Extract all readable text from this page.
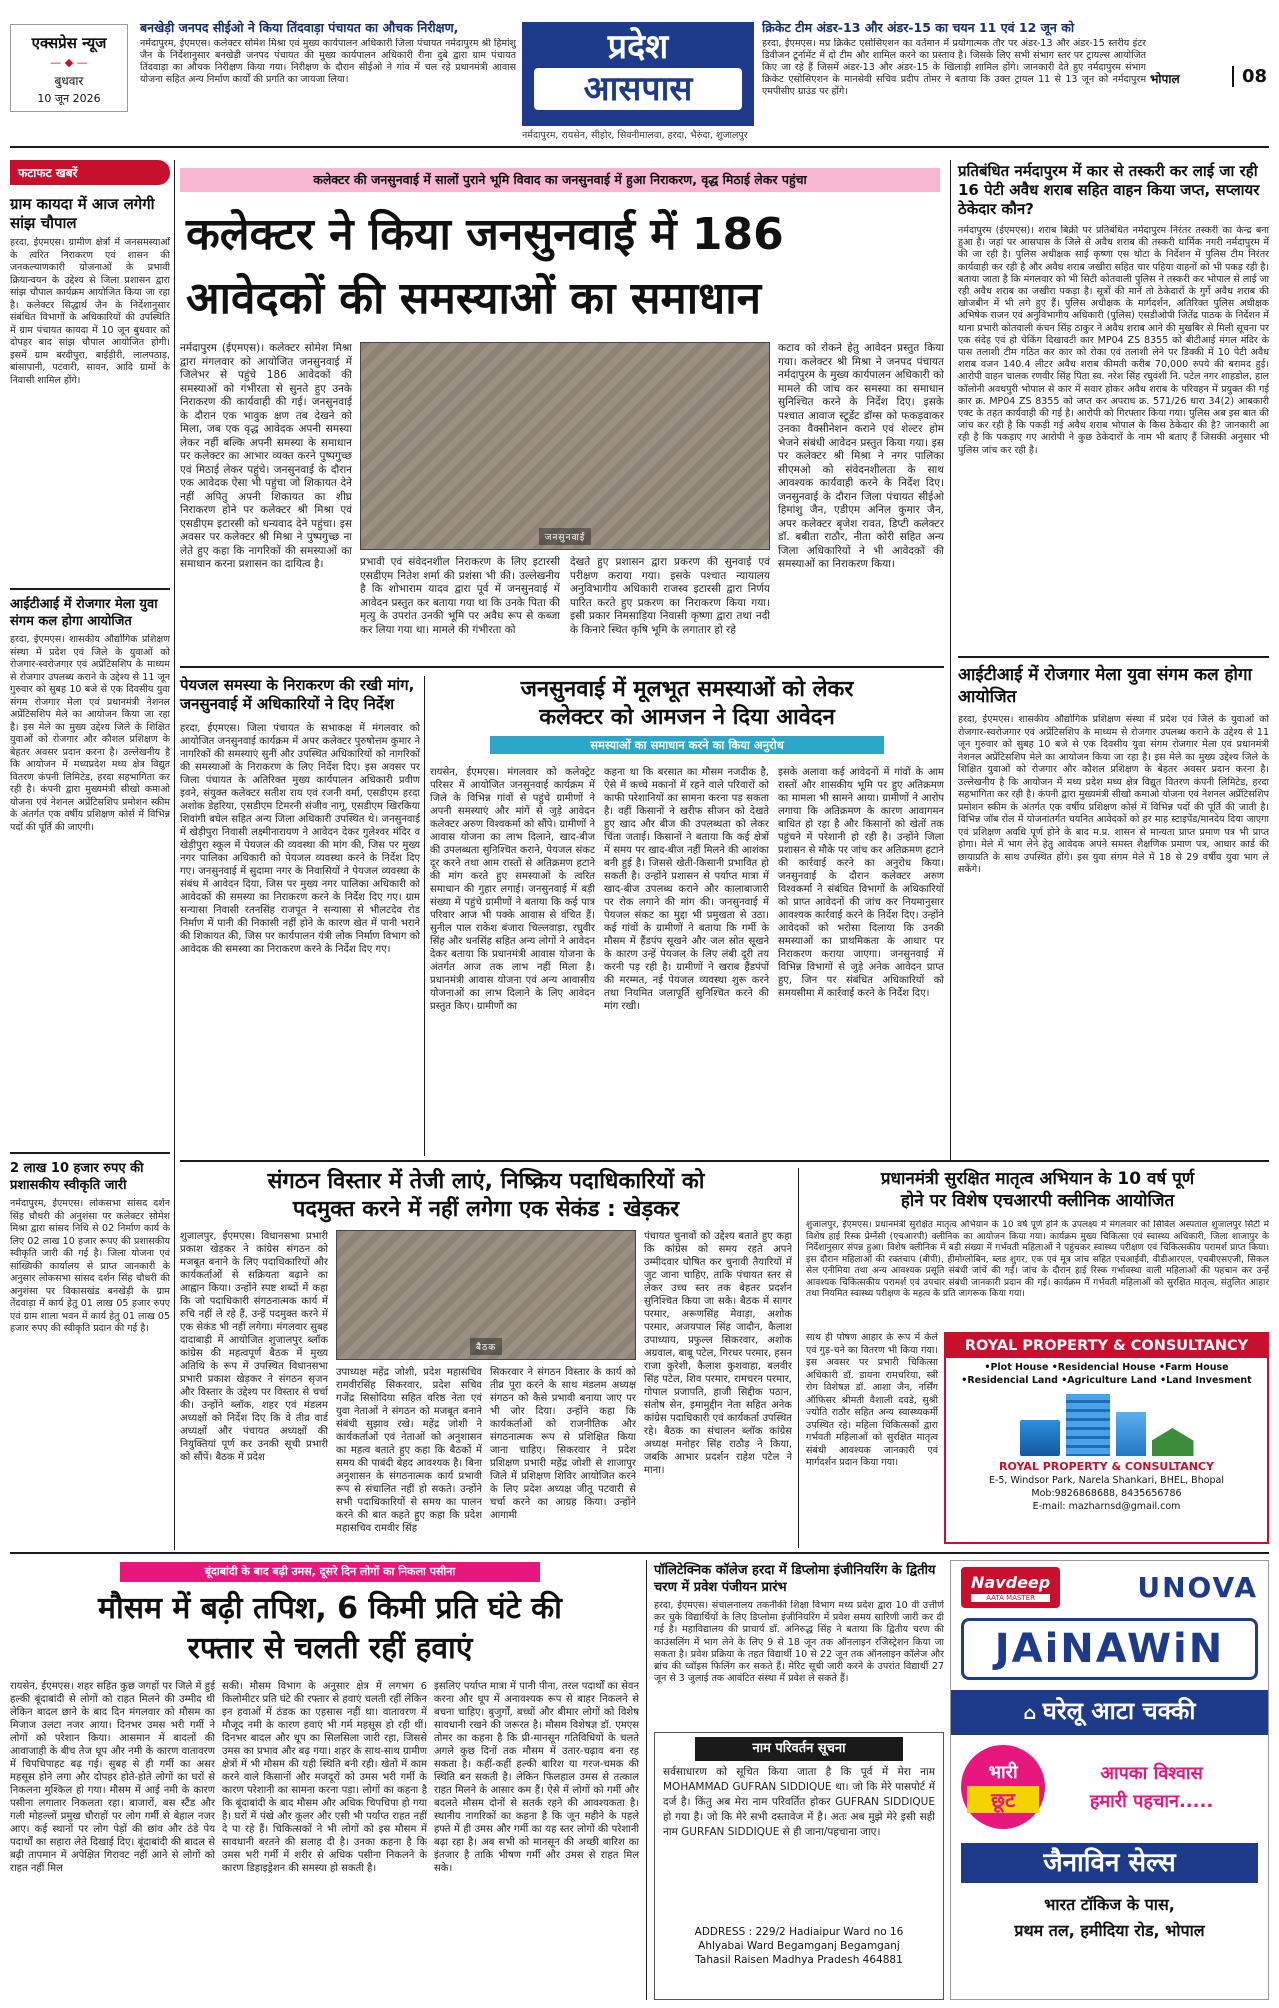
एक्सप्रेस न्यूज
— ◆ —
बुधवार
10 जून 2026
बनखेड़ी जनपद सीईओ ने किया तिंदवाड़ा पंचायत का औचक निरीक्षण,
नर्मदापुरम, ईएमएस। कलेक्टर सोमेश मिश्रा एवं मुख्य कार्यपालन अधिकारी जिला पंचायत नर्मदापुरम श्री हिमांशु जैन के निर्देशानुसार बनखेड़ी जनपद पंचायत की मुख्य कार्यपालन अधिकारी रीना दुबे द्वारा ग्राम पंचायत तिंदवाड़ा का औचक निरीक्षण किया गया। निरीक्षण के दौरान सीईओ ने गांव में चल रहे प्रधानमंत्री आवास योजना सहित अन्य निर्माण कार्यों की प्रगति का जायजा लिया।
प्रदेश
आसपास
क्रिकेट टीम अंडर-13 और अंडर-15 का चयन 11 एवं 12 जून को
हरदा, ईएमएस। मप्र क्रिकेट एसोसिएशन का वर्तमान में प्रयोगात्मक तौर पर अंडर-13 और अंडर-15 स्तरीय इंटर डिवीजन टूर्नामेंट में दो टीम और शामिल करने का प्रस्ताव है। जिसके लिए सभी संभाग स्तर पर ट्रायल्स आयोजित किए जा रहे हैं जिसमें अंडर-13 और अंडर-15 के खिलाड़ी शामिल होंगे। जानकारी देते हुए नर्मदापुरम संभाग क्रिकेट एसोसिएशन के मानसेवी सचिव प्रदीप तोमर ने बताया कि उक्त ट्रायल 11 से 13 जून को नर्मदापुरम एमपीसीए ग्राउंड पर होंगे।
भोपाल	08
नर्मदापुरम, रायसेन, सीहोर, सिवनीमालवा, हरदा, भैरुंदा, शुजालपुर
फटाफट खबरें
ग्राम कायदा में आज लगेगी सांझ चौपाल
हरदा, ईएमएस। ग्रामीण क्षेत्रों में जनसमस्याओं के त्वरित निराकरण एवं शासन की जनकल्याणकारी योजनाओं के प्रभावी क्रियान्वयन के उद्देश्य से जिला प्रशासन द्वारा सांझ चौपाल कार्यक्रम आयोजित किया जा रहा है। कलेक्टर सिद्धार्थ जैन के निर्देशानुसार संबंधित विभागों के अधिकारियों की उपस्थिति में ग्राम पंचायत कायदा में 10 जून बुधवार को दोपहर बाद सांझ चौपाल आयोजित होगी। इसमें ग्राम बरदीपुरा, बाईड़ीरी, लालपठाड़, बांसापानी, पटवारी, सावन, आदि ग्रामों के निवासी शामिल होंगे।
आईटीआई में रोजगार मेला युवा संगम कल होगा आयोजित
हरदा, ईएमएस। शासकीय औद्योगिक प्रशिक्षण संस्था में प्रदेश एवं जिले के युवाओं को रोजगार-स्वरोजगार एवं अप्रेंटिसशिप के माध्यम से रोजगार उपलब्ध कराने के उद्देश्य से 11 जून गुरुवार को सुबह 10 बजे से एक दिवसीय युवा संगम रोजगार मेला एवं प्रधानमंत्री नेशनल अप्रेंटिसशिप मेले का आयोजन किया जा रहा है। इस मेले का मुख्य उद्देश्य जिले के शिक्षित युवाओं को रोजगार और कौशल प्रशिक्षण के बेहतर अवसर प्रदान करना है। उल्लेखनीय है कि आयोजन में मध्यप्रदेश मध्य क्षेत्र विद्युत वितरण कंपनी लिमिटेड, हरदा सहभागिता कर रही है। कंपनी द्वारा मुख्यमंत्री सीखो कमाओ योजना एवं नेशनल अप्रेंटिसशिप प्रमोशन स्कीम के अंतर्गत एक वर्षीय प्रशिक्षण कोर्स में विभिन्न पदों की पूर्ति की जाएगी।
2 लाख 10 हजार रुपए की प्रशासकीय स्वीकृति जारी
नर्मदापुरम, ईएमएस। लोकसभा सांसद दर्शन सिंह चौधरी की अनुशंसा पर कलेक्टर सोमेश मिश्रा द्वारा सांसद निधि से 02 निर्माण कार्य के लिए 02 लाख 10 हजार रूपए की प्रशासकीय स्वीकृति जारी की गई है। जिला योजना एवं सांख्यिकी कार्यालय से प्राप्त जानकारी के अनुसार लोकसभा सांसद दर्शन सिंह चौधरी की अनुशंसा पर विकासखंड बनखेड़ी के ग्राम तेंदवाड़ा में कार्य हेतु 01 लाख 05 हजार रुपए एवं ग्राम शाला भवन में कार्य हेतु 01 लाख 05 हजार रुपए की स्वीकृति प्रदान की गई है।
कलेक्टर की जनसुनवाई में सालों पुराने भूमि विवाद का जनसुनवाई में हुआ निराकरण, वृद्ध मिठाई लेकर पहुंचा
कलेक्टर ने किया जनसुनवाई में 186
आवेदकों की समस्याओं का समाधान
नर्मदापुरम (ईएमएस)। कलेक्टर सोमेश मिश्रा द्वारा मंगलवार को आयोजित जनसुनवाई में जिलेभर से पहुंचे 186 आवेदकों की समस्याओं को गंभीरता से सुनते हुए उनके निराकरण की कार्यवाही की गई। जनसुनवाई के दौरान एक भावुक क्षण तब देखने को मिला, जब एक वृद्ध आवेदक अपनी समस्या लेकर नहीं बल्कि अपनी समस्या के समाधान पर कलेक्टर का आभार व्यक्त करने पुष्पगुच्छ एवं मिठाई लेकर पहुंचे। जनसुनवाई के दौरान एक आवेदक ऐसा भी पहुंचा जो शिकायत देने नहीं अपितु अपनी शिकायत का शीघ्र निराकरण होने पर कलेक्टर श्री मिश्रा एवं एसडीएम इटारसी को धन्यवाद देने पहुंचा। इस अवसर पर कलेक्टर श्री मिश्रा ने पुष्पगुच्छ ना लेते हुए कहा कि नागरिकों की समस्याओं का समाधान करना प्रशासन का दायित्व है।
जनसुनवाई
प्रभावी एवं संवेदनशील निराकरण के लिए इटारसी एसडीएम नितेश शर्मा की प्रशंसा भी की। उल्लेखनीय है कि शोभाराम यादव द्वारा पूर्व में जनसुनवाई में आवेदन प्रस्तुत कर बताया गया था कि उनके पिता की मृत्यु के उपरांत उनकी भूमि पर अवैध रूप से कब्जा कर लिया गया था। मामले की गंभीरता को
देखते हुए प्रशासन द्वारा प्रकरण की सुनवाई एवं परीक्षण कराया गया। इसके पश्चात न्यायालय अनुविभागीय अधिकारी राजस्व इटारसी द्वारा निर्णय पारित करते हुए प्रकरण का निराकरण किया गया। इसी प्रकार निमसाड़िया निवासी कृष्णा द्वारा तथा नदी के किनारे स्थित कृषि भूमि के लगातार हो रहे
कटाव को रोकने हेतु आवेदन प्रस्तुत किया गया। कलेक्टर श्री मिश्रा ने जनपद पंचायत नर्मदापुरम के मुख्य कार्यपालन अधिकारी को मामले की जांच कर समस्या का समाधान सुनिश्चित करने के निर्देश दिए। इसके पश्चात आवाज स्टूडेंट डॉग्स को फकड़वाकर उनका वैक्सीनेशन कराने एवं शेल्टर होम भेजने संबंधी आवेदन प्रस्तुत किया गया। इस पर कलेक्टर श्री मिश्रा ने नगर पालिका सीएमओ को संवेदनशीलता के साथ आवश्यक कार्यवाही करने के निर्देश दिए। जनसुनवाई के दौरान जिला पंचायत सीईओ हिमांशु जैन, एडीएम अनिल कुमार जैन, अपर कलेक्टर बृजेश रावत, डिप्टी कलेक्टर डॉ. बबीता राठौर, नीता कोरी सहित अन्य जिला अधिकारियों ने भी आवेदकों की समस्याओं का निराकरण किया।
प्रतिबंधित नर्मदापुरम में कार से तस्करी कर लाई जा रही 16 पेटी अवैध शराब सहित वाहन किया जप्त, सप्लायर ठेकेदार कौन?
नर्मदापुरम (ईएमएस)। शराब बिक्री पर प्रतिबंधित नर्मदापुरम निरंतर तस्करी का केन्द्र बना हुआ है। जहां पर आसपास के जिले से अवैध शराब की तस्करी धार्मिक नगरी नर्मदापुरम में की जा रही है। पुलिस अधीक्षक साईं कृष्णा एस थोटा के निर्देशन में पुलिस टीम निरंतर कार्यवाही कर रही है और अवैध शराब जखीरा सहित चार पहिया वाहनों को भी पकड़ रही है। बताया जाता है कि मंगलवार को भी सिटी कोतवाली पुलिस ने तस्करी कर भोपाल से लाई जा रही अवैध शराब का जखीरा पकड़ा है। सूत्रों की मानें तो ठेकेदारों के गुर्गे अवैध शराब की खोजबीन में भी लगे हुए हैं। पुलिस अधीक्षक के मार्गदर्शन, अतिरिक्त पुलिस अधीक्षक अभिषेक राजन एवं अनुविभागीय अधिकारी (पुलिस) एसडीओपी जितेंद्र पाठक के निर्देशन में थाना प्रभारी कोतवाली कंचन सिंह ठाकुर ने अवैध शराब आने की मुखबिर से मिली सूचना पर एक संदेह एवं हो चेकिंग दिखावटी कार MP04 ZS 8355 को बीटीआई मंगल मंदिर के पास तलाशी टीम गठित कर कार को रोका एवं तलाशी लेने पर डिक्की में 10 पेटी अवैध शराब वजन 140.4 लीटर अवैध शराब कीमती करीब 70,000 रुपये की बरामद हुई। आरोपी वाहन चालक रणवीर सिंह पिता स्व. नरेश सिंह रघुवंशी नि. पटेल नगर शाहडोल, हाल कॉलोनी अवधपुरी भोपाल से कार में सवार होकर अवैध शराब के परिवहन में प्रयुक्त की गई कार क्र. MP04 ZS 8355 को जप्त कर अपराध क्र. 571/26 धारा 34(2) आबकारी एक्ट के तहत कार्यवाही की गई है। आरोपी को गिरफ्तार किया गया। पुलिस अब इस बात की जांच कर रही है कि पकड़ी गई अवैध शराब भोपाल के किस ठेकेदार की है? जानकारी आ रही है कि पकड़ाए गए आरोपी ने कुछ ठेकेदारों के नाम भी बताए हैं जिसकी अनुसार भी पुलिस जांच कर रही है।
आईटीआई में रोजगार मेला युवा संगम कल होगा आयोजित
हरदा, ईएमएस। शासकीय औद्योगिक प्रशिक्षण संस्था में प्रदेश एवं जिले के युवाओं को रोजगार-स्वरोजगार एवं अप्रेंटिसशिप के माध्यम से रोजगार उपलब्ध कराने के उद्देश्य से 11 जून गुरुवार को सुबह 10 बजे से एक दिवसीय युवा संगम रोजगार मेला एवं प्रधानमंत्री नेशनल अप्रेंटिसशिप मेले का आयोजन किया जा रहा है। इस मेले का मुख्य उद्देश्य जिले के शिक्षित युवाओं को रोजगार और कौशल प्रशिक्षण के बेहतर अवसर प्रदान करना है। उल्लेखनीय है कि आयोजन में मध्य प्रदेश मध्य क्षेत्र विद्युत वितरण कंपनी लिमिटेड, हरदा सहभागिता कर रही है। कंपनी द्वारा मुख्यमंत्री सीखो कमाओ योजना एवं नेशनल अप्रेंटिसशिप प्रमोशन स्कीम के अंतर्गत एक वर्षीय प्रशिक्षण कोर्स में विभिन्न पदों की पूर्ति की जाती है। विभिन्न जॉब रोल में योजनांतर्गत चयनित आवेदकों को हर माह स्टाइपेंड/मानदेय दिया जाएगा एवं प्रशिक्षण अवधि पूर्ण होने के बाद म.प्र. शासन से मान्यता प्राप्त प्रमाण पत्र भी प्राप्त होगा। मेले में भाग लेने हेतु आवेदक अपने समस्त शैक्षणिक प्रमाण पत्र, आधार कार्ड की छायाप्रति के साथ उपस्थित होंगे। इस युवा संगम मेले में 18 से 29 वर्षीय युवा भाग ले सकेंगे।
पेयजल समस्या के निराकरण की रखी मांग, जनसुनवाई में अधिकारियों ने दिए निर्देश
हरदा, ईएमएस। जिला पंचायत के सभाकक्ष में मंगलवार को आयोजित जनसुनवाई कार्यक्रम में अपर कलेक्टर पुरुषोत्तम कुमार ने नागरिकों की समस्याएं सुनीं और उपस्थित अधिकारियों को नागरिकों की समस्याओं के निराकरण के लिए निर्देश दिए। इस अवसर पर जिला पंचायत के अतिरिक्त मुख्य कार्यपालन अधिकारी प्रवीण इवने, संयुक्त कलेक्टर सतीश राय एवं रजनी वर्मा, एसडीएम हरदा अशोक डेहरिया, एसडीएम टिमरनी संजीव नागू, एसडीएम खिरकिया शिवांगी बघेल सहित अन्य जिला अधिकारी उपस्थित थे। जनसुनवाई में खेड़ीपुरा निवासी लक्ष्मीनारायण ने आवेदन देकर गुलेश्वर मंदिर व खेड़ीपुरा स्कूल में पेयजल की व्यवस्था की मांग की, जिस पर मुख्य नगर पालिका अधिकारी को पेयजल व्यवस्था करने के निर्देश दिए गए। जनसुनवाई में सुदामा नगर के निवासियों ने पेयजल व्यवस्था के संबंध में आवेदन दिया, जिस पर मुख्य नगर पालिका अधिकारी को आवेदकों की समस्या का निराकरण करने के निर्देश दिए गए। ग्राम सन्यासा निवासी रतनसिंह राजपूत ने सन्यासा से भीलटदेव रोड निर्माण में पानी की निकासी नहीं होने के कारण खेत में पानी भराने की शिकायत की, जिस पर कार्यपालन यंत्री लोक निर्माण विभाग को आवेदक की समस्या का निराकरण करने के निर्देश दिए गए।
जनसुनवाई में मूलभूत समस्याओं को लेकर
कलेक्टर को आमजन ने दिया आवेदन
समस्याओं का समाधान करने का किया अनुरोध
रायसेन, ईएमएस। मंगलवार को कलेक्ट्रेट परिसर में आयोजित जनसुनवाई कार्यक्रम में जिले के विभिन्न गांवों से पहुंचे ग्रामीणों ने अपनी समस्याएं और मांगें से जुड़े आवेदन कलेक्टर अरुण विश्वकर्मा को सौंपे। ग्रामीणों ने आवास योजना का लाभ दिलाने, खाद-बीज की उपलब्धता सुनिश्चित कराने, पेयजल संकट दूर करने तथा आम रास्तों से अतिक्रमण हटाने की मांग करते हुए समस्याओं के त्वरित समाधान की गुहार लगाई। जनसुनवाई में बड़ी संख्या में पहुंचे ग्रामीणों ने बताया कि कई पात्र परिवार आज भी पक्के आवास से वंचित हैं। सुनील पाल राकेश बंजारा चिल्लवाड़ा, रघुवीर सिंह और धनसिंह सहित अन्य लोगों ने आवेदन देकर बताया कि प्रधानमंत्री आवास योजना के अंतर्गत आज तक लाभ नहीं मिला है। प्रधानमंत्री आवास योजना एवं अन्य आवासीय योजनाओं का लाभ दिलाने के लिए आवेदन प्रस्तुत किए। ग्रामीणों का
कहना था कि बरसात का मौसम नजदीक है, ऐसे में कच्चे मकानों में रहने वाले परिवारों को काफी परेशानियों का सामना करना पड़ सकता है। वहीं किसानों ने खरीफ सीजन को देखते हुए खाद और बीज की उपलब्धता को लेकर चिंता जताई। किसानों ने बताया कि कई क्षेत्रों में समय पर खाद-बीज नहीं मिलने की आशंका बनी हुई है। जिससे खेती-किसानी प्रभावित हो सकती है। उन्होंने प्रशासन से पर्याप्त मात्रा में खाद-बीज उपलब्ध कराने और कालाबाजारी पर रोक लगाने की मांग की। जनसुनवाई में पेयजल संकट का मुद्दा भी प्रमुखता से उठा। कई गांवों के ग्रामीणों ने बताया कि गर्मी के मौसम में हैंडपंप सूखने और जल स्रोत सूखने के कारण उन्हें पेयजल के लिए लंबी दूरी तय करनी पड़ रही है। ग्रामीणों ने खराब हैंडपंपों की मरम्मत, नई पेयजल व्यवस्था शुरू करने तथा नियमित जलापूर्ति सुनिश्चित करने की मांग रखी।
इसके अलावा कई आवेदनों में गांवों के आम रास्तों और शासकीय भूमि पर हुए अतिक्रमण का मामला भी सामने आया। ग्रामीणों ने आरोप लगाया कि अतिक्रमण के कारण आवागमन बाधित हो रहा है और किसानों को खेतों तक पहुंचने में परेशानी हो रही है। उन्होंने जिला प्रशासन से मौके पर जांच कर अतिक्रमण हटाने की कार्रवाई करने का अनुरोध किया। जनसुनवाई के दौरान कलेक्टर अरुण विश्वकर्मा ने संबंधित विभागों के अधिकारियों को प्राप्त आवेदनों की जांच कर नियमानुसार आवश्यक कार्रवाई करने के निर्देश दिए। उन्होंने आवेदकों को भरोसा दिलाया कि उनकी समस्याओं का प्राथमिकता के आधार पर निराकरण कराया जाएगा। जनसुनवाई में विभिन्न विभागों से जुड़े अनेक आवेदन प्राप्त हुए, जिन पर संबंधित अधिकारियों को समयसीमा में कार्रवाई करने के निर्देश दिए।
संगठन विस्तार में तेजी लाएं, निष्क्रिय पदाधिकारियों को
पदमुक्त करने में नहीं लगेगा एक सेकंड : खेड़कर
शुजालपुर, ईएमएस। विधानसभा प्रभारी प्रकाश खेड़कर ने कांग्रेस संगठन को मजबूत बनाने के लिए पदाधिकारियों और कार्यकर्ताओं से सक्रियता बढ़ाने का आह्वान किया। उन्होंने स्पष्ट शब्दों में कहा कि जो पदाधिकारी संगठनात्मक कार्य में रुचि नहीं ले रहे हैं, उन्हें पदमुक्त करने में एक सेकंड भी नहीं लगेगा। मंगलवार सुबह दादाबाड़ी में आयोजित शुजालपुर ब्लॉक कांग्रेस की महत्वपूर्ण बैठक में मुख्य अतिथि के रूप में उपस्थित विधानसभा प्रभारी प्रकाश खेड़कर ने संगठन सृजन और विस्तार के उद्देश्य पर विस्तार से चर्चा की। उन्होंने ब्लॉक, शहर एवं मंडलम अध्यक्षों को निर्देश दिए कि वे तीव्र वार्ड अध्यक्षों और पंचायत अध्यक्षों की नियुक्तियां पूर्ण कर उनकी सूची प्रभारी को सौंपें। बैठक में प्रदेश
बैठक
उपाध्यक्ष महेंद्र जोशी, प्रदेश महासचिव रामवीरसिंह सिकरवार, प्रदेश सचिव गजेंद्र सिसोदिया सहित वरिष्ठ नेता एवं युवा नेताओं ने संगठन को मजबूत बनाने संबंधी सुझाव रखे। महेंद्र जोशी ने कार्यकर्ताओं एवं नेताओं को अनुशासन का महत्व बताते हुए कहा कि बैठकों में समय की पाबंदी बेहद आवश्यक है। बिना अनुशासन के संगठनात्मक कार्य प्रभावी रूप से संचालित नहीं हो सकते। उन्होंने सभी पदाधिकारियों से समय का पालन करने की बात कहते हुए कहा कि प्रदेश महासचिव रामवीर सिंह
सिकरवार ने संगठन विस्तार के कार्य को तीव्र पूरा करने के साथ मंडलम अध्यक्ष संगठन को कैसे प्रभावी बनाया जाए पर भी जोर दिया। उन्होंने कहा कि कार्यकर्ताओं को राजनीतिक और संगठनात्मक रूप से प्रशिक्षित किया जाना चाहिए। सिकरवार ने प्रदेश प्रशिक्षण प्रभारी महेंद्र जोशी से शाजापुर जिले में प्रशिक्षण शिविर आयोजित करने के लिए प्रदेश अध्यक्ष जीतू पटवारी से चर्चा करने का आग्रह किया। उन्होंने आगामी
पंचायत चुनावों को उद्देश्य बताते हुए कहा कि कांग्रेस को समय रहते अपने उम्मीदवार घोषित कर चुनावी तैयारियों में जुट जाना चाहिए, ताकि पंचायत स्तर से लेकर उच्च स्तर तक बेहतर प्रदर्शन सुनिश्चित किया जा सके। बैठक में सागर परमार, अरूणसिंह मेवाड़ा, अशोक परमार, अजयपाल सिंह जादौन, कैलाश उपाध्याय, प्रफुल्ल सिकरवार, अशोक अग्रवाल, बाबू पटेल, गिरधर परमार, हसन राजा कुरेशी, कैलाश कुशवाहा, बलवीर सिंह पटेल, शिव परमार, रामचरन परमार, गोपाल प्रजापति, हाजी सिद्दीक पठान, संतोष सेन, इमामुद्दीन नेता सहित अनेक कांग्रेस पदाधिकारी एवं कार्यकर्ता उपस्थित रहे। बैठक का संचालन ब्लॉक कांग्रेस अध्यक्ष मनोहर सिंह राठौड़ ने किया, जबकि आभार प्रदर्शन राहेश पटेल ने माना।
प्रधानमंत्री सुरक्षित मातृत्व अभियान के 10 वर्ष पूर्ण
होने पर विशेष एचआरपी क्लीनिक आयोजित
शुजालपुर, ईएमएस। प्रधानमंत्री सुरक्षित मातृत्व अभियान के 10 वर्ष पूर्ण होने के उपलक्ष्य में मंगलवार को सिविल अस्पताल शुजालपुर सिटी में विशेष हाई रिस्क प्रेग्नेंसी (एचआरपी) क्लीनिक का आयोजन किया गया। कार्यक्रम मुख्य चिकित्सा एवं स्वास्थ्य अधिकारी, जिला शाजापुर के निर्देशानुसार संपन्न हुआ। विशेष क्लीनिक में बड़ी संख्या में गर्भवती महिलाओं ने पहुंचकर स्वास्थ्य परीक्षण एवं चिकित्सकीय परामर्श प्राप्त किया। इस दौरान महिलाओं की रक्तचाप (बीपी), हीमोग्लोबिन, ब्लड शुगर, एक एवं मूत्र जांच सहित एचआईवी, वीडीआरएल, एचबीएसएजी, सिकल सेल एनीमिया तथा अन्य आवश्यक प्रसूति संबंधी जांचें की गईं। जांच के दौरान हाई रिस्क गर्भावस्था वाली महिलाओं की पहचान कर उन्हें आवश्यक चिकित्सकीय परामर्श एवं उपचार संबंधी जानकारी प्रदान की गई। कार्यक्रम में गर्भवती महिलाओं को सुरक्षित मातृत्व, संतुलित आहार तथा नियमित स्वास्थ्य परीक्षण के महत्व के प्रति जागरूक किया गया।
साथ ही पोषण आहार के रूप में केले एवं गुड़-चने का वितरण भी किया गया। इस अवसर पर प्रभारी चिकित्सा अधिकारी डॉ. डायना रामचरिया, स्त्री रोग विशेषज्ञ डॉ. आशा जैन, नर्सिंग ऑफिसर श्रीमती वैशाली दवडे, सुश्री ज्योति राठौर सहित अन्य स्वास्थ्यकर्मी उपस्थित रहे। महिला चिकित्सकों द्वारा गर्भवती महिलाओं को सुरक्षित मातृत्व संबंधी आवश्यक जानकारी एवं मार्गदर्शन प्रदान किया गया।
ROYAL PROPERTY & CONSULTANCY
•Plot House •Residencial House •Farm House
•Residencial Land •Agriculture Land •Land Invesment
ROYAL PROPERTY & CONSULTANCY
E-5, Windsor Park, Narela Shankari, BHEL, Bhopal
Mob:9826868688, 8435656786
E-mail: mazharnsd@gmail.com
बूंदाबांदी के बाद बढ़ी उमस, दूसरे दिन लोगों का निकला पसीना
मौसम में बढ़ी तपिश, 6 किमी प्रति घंटे की
रफ्तार से चलती रहीं हवाएं
रायसेन, ईएमएस। शहर सहित कुछ जगहों पर जिले में हुई हल्की बूंदाबांदी से लोगों को राहत मिलने की उम्मीद थी लेकिन बादल छाने के बाद दिन मंगलवार को मौसम का मिजाज उलटा नजर आया। दिनभर उमस भरी गर्मी ने लोगों को परेशान किया। आसमान में बादलों की आवाजाही के बीच तेज धूप और नमी के कारण वातावरण में चिपचिपाहट बढ़ गई। सुबह से ही गर्मी का असर महसूस होने लगा और दोपहर होते-होते लोगों का घरों से निकलना मुश्किल हो गया। मौसम में आई नमी के कारण पसीना लगातार निकलता रहा। बाजारों, बस स्टैंड और गली मोहल्लों प्रमुख चौराहों पर लोग गर्मी से बेहाल नजर आए। कई स्थानों पर लोग पेड़ों की छांव और ठंडे पेय पदार्थों का सहारा लेते दिखाई दिए। बूंदाबांदी की बादल से बढ़ी तापमान में अपेक्षित गिरावट नहीं आने से लोगों को राहत नहीं मिल
सकी। मौसम विभाग के अनुसार क्षेत्र में लगभग 6 किलोमीटर प्रति घंटे की रफ्तार से हवाएं चलती रहीं लेकिन इन हवाओं में ठंडक का एहसास नहीं था। वातावरण में मौजूद नमी के कारण हवाएं भी गर्म महसूस हो रही थीं। दिनभर बादल और धूप का सिलसिला जारी रहा, जिससे उमस का प्रभाव और बढ़ गया। शहर के साथ-साथ ग्रामीण क्षेत्रों में भी मौसम की यही स्थिति बनी रही। खेतों में काम करने वाले किसानों और मजदूरों को उमस भरी गर्मी के कारण परेशानी का सामना करना पड़ा। लोगों का कहना है कि बूंदाबांदी के बाद मौसम और अधिक चिपचिपा हो गया है। घरों में पंखे और कूलर और एसी भी पर्याप्त राहत नहीं दे पा रहे हैं। चिकित्सकों ने भी लोगों को इस मौसम में सावधानी बरतने की सलाह दी है। उनका कहना है कि उमस भरी गर्मी में शरीर से अधिक पसीना निकलने के कारण डिहाइड्रेशन की समस्या हो सकती है।
इसलिए पर्याप्त मात्रा में पानी पीना, तरल पदार्थों का सेवन करना और धूप में अनावश्यक रूप से बाहर निकलने से बचना चाहिए। बुजुर्गों, बच्चों और बीमार लोगों को विशेष सावधानी रखने की जरूरत है। मौसम विशेषज्ञ डॉ. एमएस तोमर का कहना है कि प्री-मानसून गतिविधियों के चलते अगले कुछ दिनों तक मौसम में उतार-चढ़ाव बना रह सकता है। कहीं-कहीं हल्की बारिश या गरज-चमक की स्थिति बन सकती है। लेकिन फिलहाल उमस से तत्काल राहत मिलने के आसार कम हैं। ऐसे में लोगों को गर्मी और बदलते मौसम दोनों से सतर्क रहने की आवश्यकता है। स्थानीय नागरिकों का कहना है कि जून महीने के पहले हफ्ते में ही उमस और गर्मी का यह स्तर लोगों की परेशानी बढ़ा रहा है। अब सभी को मानसून की अच्छी बारिश का इंतजार है ताकि भीषण गर्मी और उमस से राहत मिल सके।
पॉलिटेक्निक कॉलेज हरदा में डिप्लोमा इंजीनियरिंग के द्वितीय चरण में प्रवेश पंजीयन प्रारंभ
हरदा, ईएमएस। संचालनालय तकनीकी शिक्षा विभाग मध्य प्रदेश द्वारा 10 वी उत्तीर्ण कर चुके विद्यार्थियों के लिए डिप्लोमा इंजीनियरिंग में प्रवेश समय सारिणी जारी कर दी गई है। महाविद्यालय की प्राचार्य डॉ. अनिरुद्ध सिंह ने बताया कि द्वितीय चरण की काउंसलिंग में भाग लेने के लिए 9 से 18 जून तक ऑनलाइन रजिस्ट्रेशन किया जा सकता है। प्रवेश प्रक्रिया के तहत विद्यार्थी 10 से 22 जून तक ऑनलाइन कॉलेज और ब्रांच की च्वॉइस फिलिंग कर सकते हैं। मेरिट सूची जारी करने के उपरांत विद्यार्थी 27 जून से 3 जुलाई तक आवंटित संस्था में प्रवेश ले सकते हैं।
नाम परिवर्तन सूचना
सर्वसाधारण को सूचित किया जाता है कि पूर्व में मेरा नाम MOHAMMAD GUFRAN SIDDIQUE था। जो कि मेरे पासपोर्ट में दर्ज है। किंतु अब मेरा नाम परिवर्तित होकर GUFRAN SIDDIQUE हो गया है। जो कि मेरे सभी दस्तावेज में है। अतः अब मुझे मेरे इसी सही नाम GURFAN SIDDIQUE से ही जाना/पहचाना जाए।
ADDRESS : 229/2 Hadiaipur Ward no 16
Ahlyabai Ward Begamganj Begamganj
Tahasil Raisen Madhya Pradesh 464881
Navdeep
AATA MASTER	UNOVA
JAiNAWiN
⌂ घरेलू आटा चक्की
भारी
छूट
आपका विश्वास
हमारी पहचान.....
जैनाविन सेल्स
भारत टॉकिज के पास,
प्रथम तल, हमीदिया रोड, भोपाल
